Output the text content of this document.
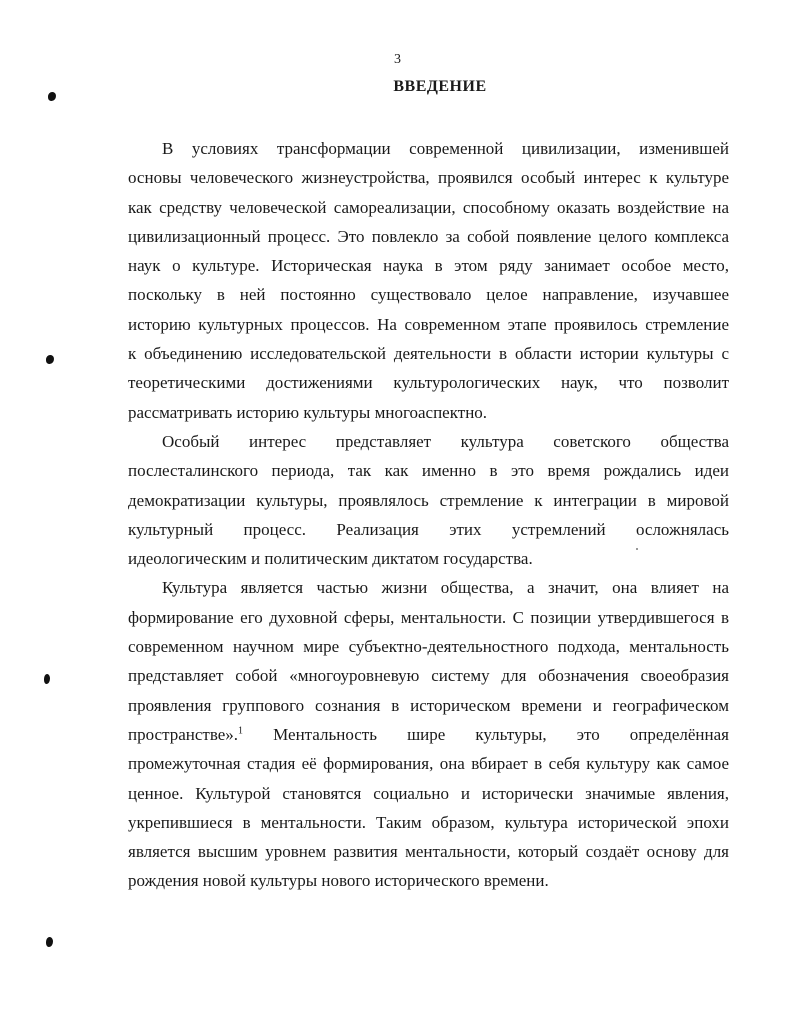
3
ВВЕДЕНИЕ
В условиях трансформации современной цивилизации, изменившей
основы человеческого жизнеустройства, проявился особый интерес к культуре
как средству человеческой самореализации, способному оказать воздействие на
цивилизационный процесс. Это повлекло за собой появление целого комплекса
наук о культуре. Историческая наука в этом ряду занимает особое место,
поскольку в ней постоянно существовало целое направление, изучавшее
историю культурных процессов. На современном этапе проявилось стремление
к объединению исследовательской деятельности в области истории культуры с
теоретическими достижениями культурологических наук, что позволит
рассматривать историю культуры многоаспектно.
Особый интерес представляет культура советского общества
послесталинского периода, так как именно в это время рождались идеи
демократизации культуры, проявлялось стремление к интеграции в мировой
культурный процесс. Реализация этих устремлений осложнялась
идеологическим и политическим диктатом государства.
Культура является частью жизни общества, а значит, она влияет на
формирование его духовной сферы, ментальности. С позиции утвердившегося в
современном научном мире субъектно-деятельностного подхода, ментальность
представляет собой «многоуровневую систему для обозначения своеобразия
проявления группового сознания в историческом времени и географическом
пространстве».$^1$ Ментальность шире культуры, это определённая
промежуточная стадия её формирования, она вбирает в себя культуру как самое
ценное. Культурой становятся социально и исторически значимые явления,
укрепившиеся в ментальности. Таким образом, культура исторической эпохи
является высшим уровнем развития ментальности, который создаёт основу для
рождения новой культуры нового исторического времени.
